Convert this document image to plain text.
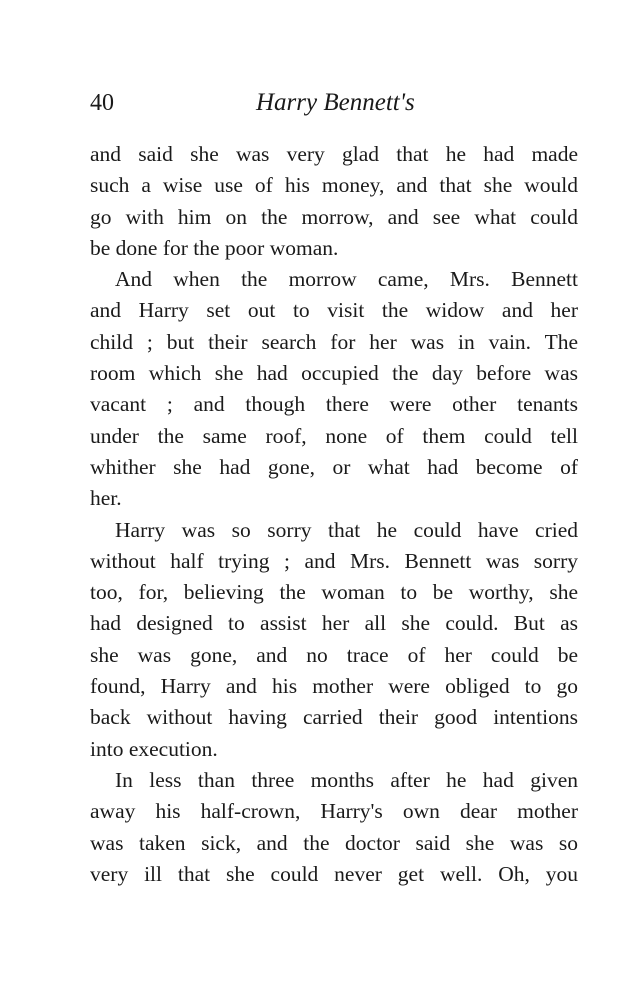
40	Harry Bennett's
and said she was very glad that he had made
such a wise use of his money, and that she would
go with him on the morrow, and see what could
be done for the poor woman.
And when the morrow came, Mrs. Bennett
and Harry set out to visit the widow and her
child ; but their search for her was in vain. The
room which she had occupied the day before was
vacant ; and though there were other tenants
under the same roof, none of them could tell
whither she had gone, or what had become of
her.
Harry was so sorry that he could have cried
without half trying ; and Mrs. Bennett was sorry
too, for, believing the woman to be worthy, she
had designed to assist her all she could. But as
she was gone, and no trace of her could be
found, Harry and his mother were obliged to go
back without having carried their good intentions
into execution.
In less than three months after he had given
away his half-crown, Harry's own dear mother
was taken sick, and the doctor said she was so
very ill that she could never get well. Oh, you
